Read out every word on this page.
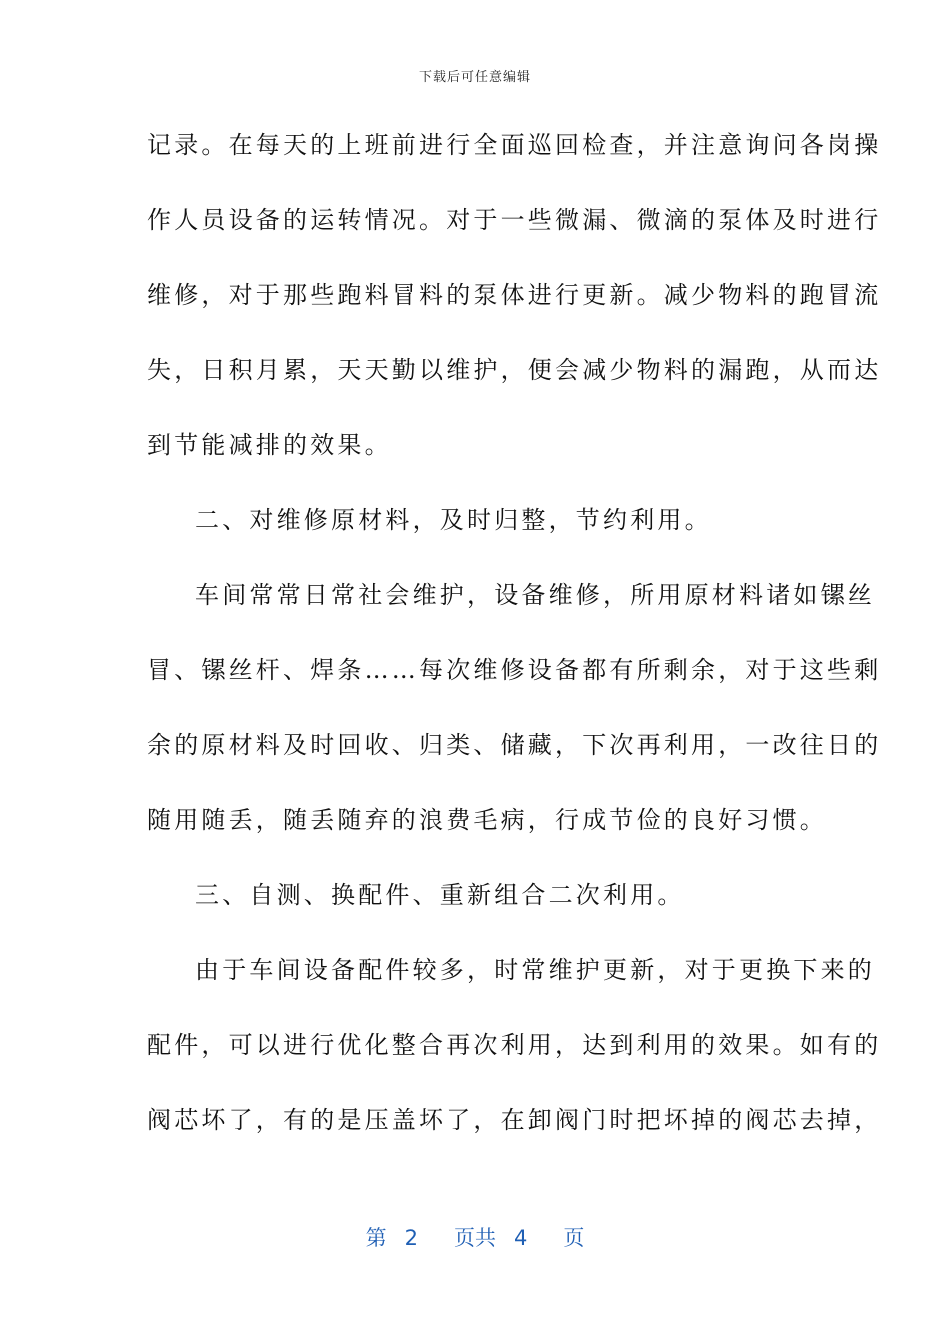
下载后可任意编辑
记录。在每天的上班前进行全面巡回检查，并注意询问各岗操
作人员设备的运转情况。对于一些微漏、微滴的泵体及时进行
维修，对于那些跑料冒料的泵体进行更新。减少物料的跑冒流
失，日积月累，天天勤以维护，便会减少物料的漏跑，从而达
到节能减排的效果。
二、对维修原材料，及时归整，节约利用。
车间常常日常社会维护，设备维修，所用原材料诸如镙丝
冒、镙丝杆、焊条……每次维修设备都有所剩余，对于这些剩
余的原材料及时回收、归类、储藏，下次再利用，一改往日的
随用随丢，随丢随弃的浪费毛病，行成节俭的良好习惯。
三、自测、换配件、重新组合二次利用。
由于车间设备配件较多，时常维护更新，对于更换下来的
配件，可以进行优化整合再次利用，达到利用的效果。如有的
阀芯坏了，有的是压盖坏了，在卸阀门时把坏掉的阀芯去掉，
第 2 页共 4 页
